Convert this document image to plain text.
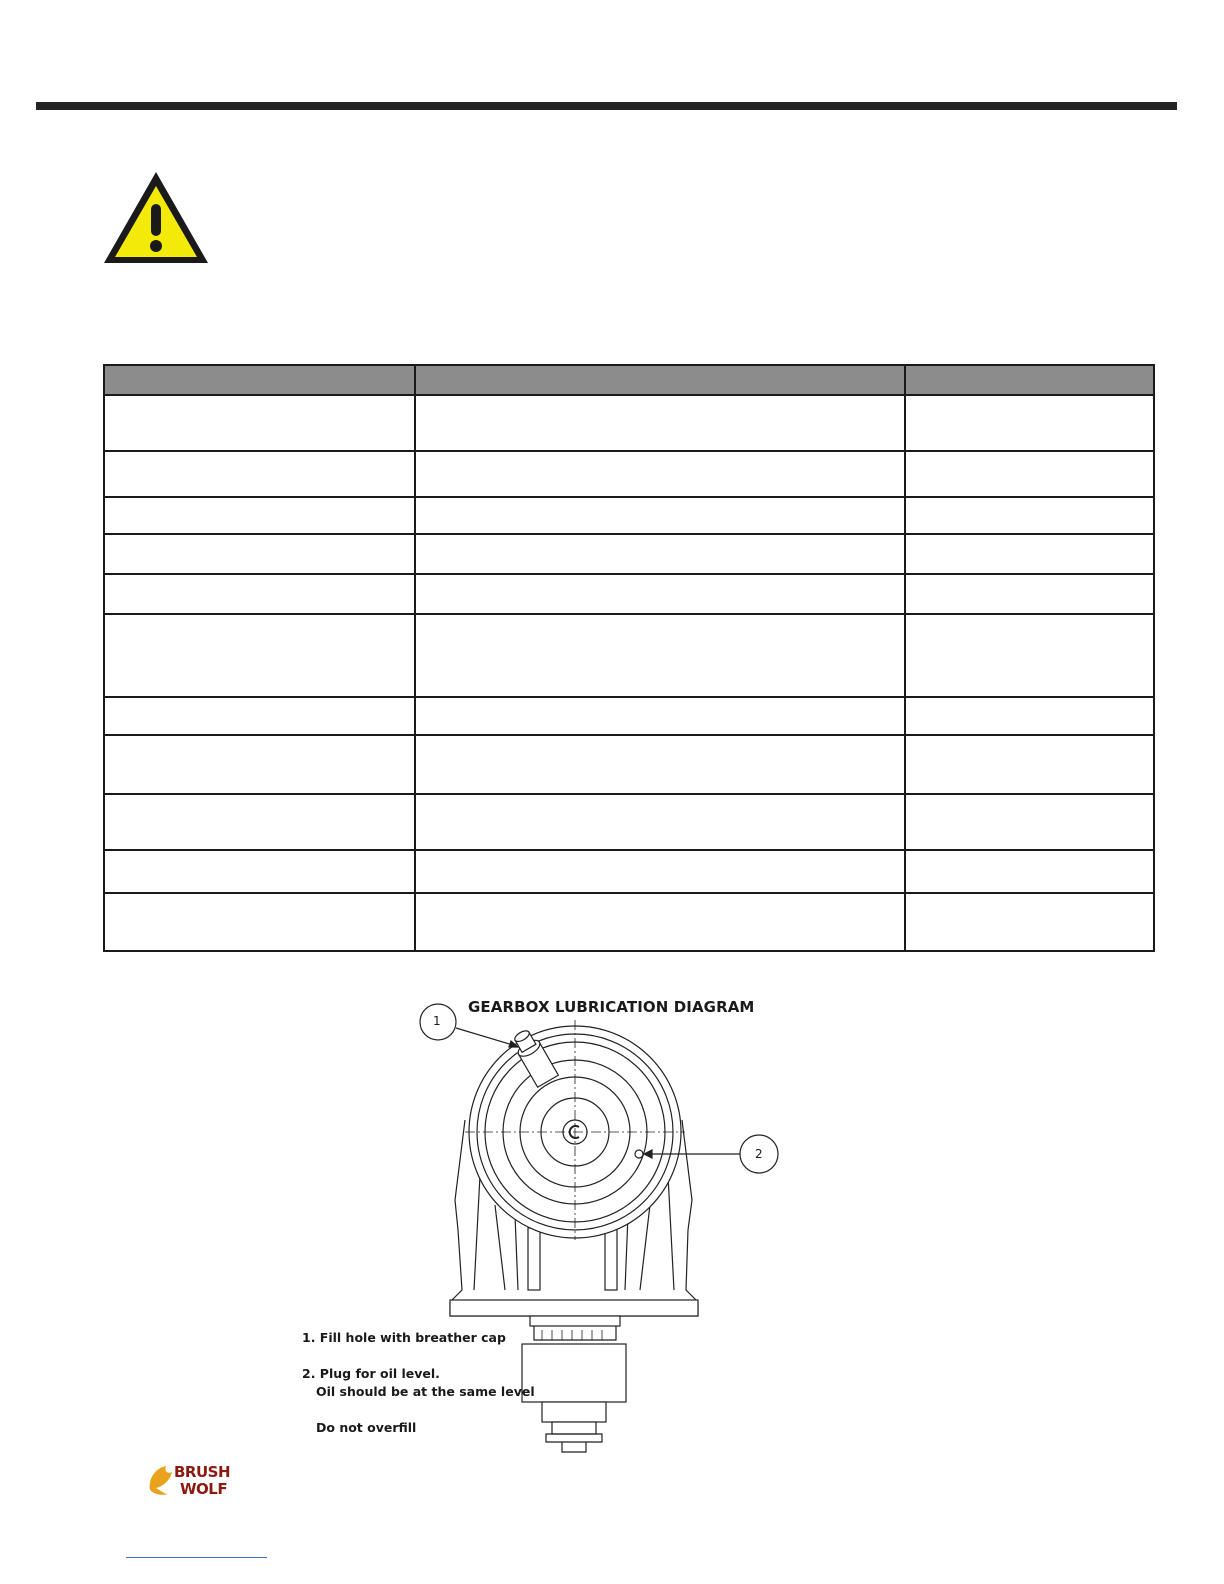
GEARBOX LUBRICATION DIAGRAM
1
2
1. Fill hole with breather cap
2. Plug for oil level.
Oil should be at the same level
Do not overfill
BRUSH
WOLF
